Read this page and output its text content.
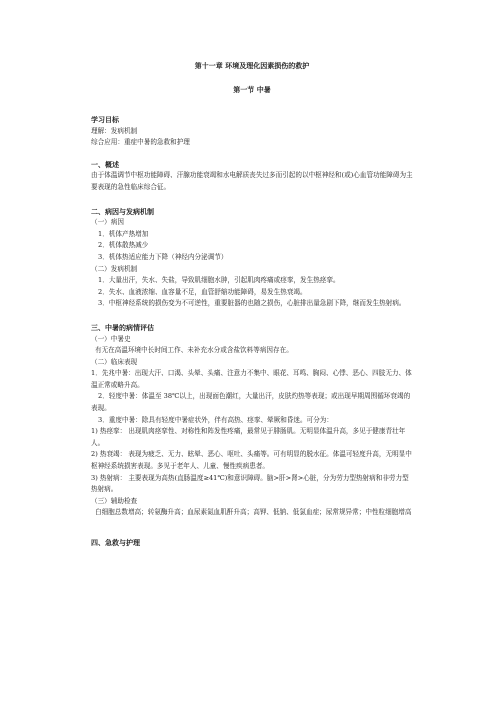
第十一章 环境及理化因素损伤的救护
第一节 中暑
学习目标
理解：发病机制
综合应用：重症中暑的急救和护理
一、概述
由于体温调节中枢功能障碍、汗腺功能衰竭和水电解质丧失过多而引起的以中枢神经和(或)心血管功能障碍为主要表现的急性临床综合征。
二、病因与发病机制
（一）病因
1．机体产热增加
2．机体散热减少
3．机体热适应能力下降（神经内分泌调节）
（二）发病机制
1．大量出汗，失水、失盐，导致肌细胞水肿，引起肌肉疼痛或痉挛，发生热痉挛。
2．失水、血液浓缩、血容量不足，血管舒缩功能障碍，易发生热衰竭。
3．中枢神经系统的损伤变为不可逆性，重要脏器的也随之损伤，心脏排出量急剧下降，继而发生热射病。
三、中暑的病情评估
（一）中暑史
有无在高温环境中长时间工作、未补充水分或含盐饮料等病因存在。
（二）临床表现
1．先兆中暑：出现大汗、口渴、头晕、头痛、注意力不集中、眼花、耳鸣、胸闷、心悸、恶心、四肢无力、体温正常或略升高。
2．轻度中暑：体温至 38℃以上，出现面色潮红，大量出汗，皮肤灼热等表现；或出现早期周围循环衰竭的表现。
3．重度中暑：除具有轻度中暑症状外，伴有高热、痉挛、晕厥和昏迷。可分为：
1) 热痉挛： 出现肌肉痉挛性、对称性和阵发性疼痛，最常见于腓肠肌。无明显体温升高，多见于健康青壮年人。
2) 热衰竭： 表现为疲乏、无力、眩晕、恶心、呕吐、头痛等。可有明显的脱水征。体温可轻度升高，无明显中枢神经系统损害表现。多见于老年人、儿童、慢性疾病患者。
3) 热射病： 主要表现为高热(直肠温度≥41℃)和意识障碍。脑>肝>肾>心脏，分为劳力型热射病和非劳力型热射病。
（三）辅助检查
白细胞总数增高；转氨酶升高；血尿素氮血肌酐升高；高钾、低钠、低氯血症；尿常规异常；中性粒细胞增高
四、急救与护理
